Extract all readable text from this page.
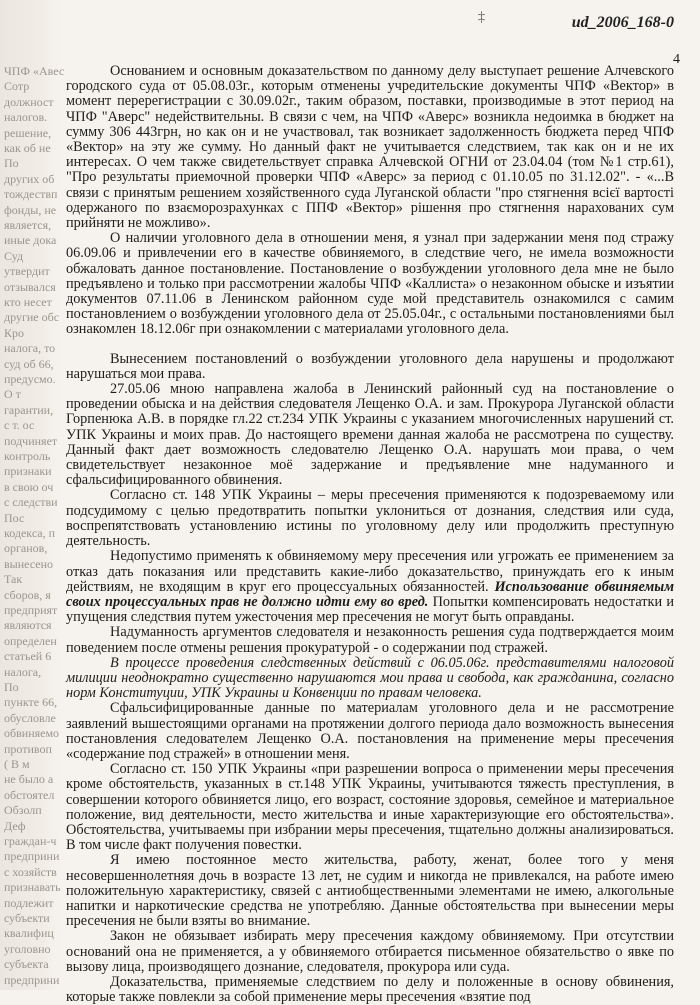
ЧПФ «Авес
Сотр
должност
налогов.
решение,
как об не
По
других об
тождествп
фонды, не
является,
иные дока
Суд
утвердит
отзывался
кто несет
другие обс
Кро
налога, то
суд об 66,
предусмо.
О т
гарантии,
с т. ос
подчиняет
контроль
признаки
в свою оч
с следстви
Пос
кодекса, п
органов,
вынесено
Так
сборов, я
предприят
являются
определен
статьей 6
налога,
По
пункте 66,
обусловле
обвиняемо
противоп
( В м
не было а
обстоятел
Обзолп
Деф
граждан-ч
предприни
с хозяйств
признавать
подлежит
субъекти
квалифиц
уголовно
субъекта
предприни
‡	ud_2006_168-0
4

Основанием и основным доказательством по данному делу выступает решение Алчевского городского суда от 05.08.03г., которым отменены учредительские документы ЧПФ «Вектор» в момент перерегистрации с 30.09.02г., таким образом, поставки, производимые в этот период на ЧПФ "Аверс" недействительны. В связи с чем, на ЧПФ «Аверс» возникла недоимка в бюджет на сумму 306 443грн, но как он и не участвовал, так возникает задолженность бюджета перед ЧПФ «Вектор» на эту же сумму. Но данный факт не учитывается следствием, так как он и не их интересах. О чем также свидетельствует справка Алчевской ОГНИ от 23.04.04 (том №1 стр.61), "Про результаты приемочной проверки ЧПФ «Аверс» за период с 01.10.05 по 31.12.02". - «...В связи с принятым решением хозяйственного суда Луганской области "про стягнення всієї вартості одержаного по взаєморозрахунках с ППФ «Вектор» рішення про стягнення нарахованих сум прийняти не можливо».

О наличии уголовного дела в отношении меня, я узнал при задержании меня под стражу 06.09.06 и привлечении его в качестве обвиняемого, в следствие чего, не имела возможности обжаловать данное постановление. Постановление о возбуждении уголовного дела мне не было предъявлено и только при рассмотрении жалобы ЧПФ «Каллиста» о незаконном обыске и изъятии документов 07.11.06 в Ленинском районном суде мой представитель ознакомился с самим постановлением о возбуждении уголовного дела от 25.05.04г., с остальными постановлениями был ознакомлен 18.12.06г при ознакомлении с материалами уголовного дела.

Вынесением постановлений о возбуждении уголовного дела нарушены и продолжают нарушаться мои права.

27.05.06 мною направлена жалоба в Ленинский районный суд на постановление о проведении обыска и на действия следователя Лещенко О.А. и зам. Прокурора Луганской области Горпенюка А.В. в порядке гл.22 ст.234 УПК Украины с указанием многочисленных нарушений ст. УПК Украины и моих прав. До настоящего времени данная жалоба не рассмотрена по существу. Данный факт дает возможность следователю Лещенко О.А. нарушать мои права, о чем свидетельствует незаконное моё задержание и предъявление мне надуманного и сфальсифицированного обвинения.

Согласно ст. 148 УПК Украины – меры пресечения применяются к подозреваемому или подсудимому с целью предотвратить попытки уклониться от дознания, следствия или суда, воспрепятствовать установлению истины по уголовному делу или продолжить преступную деятельность.

Недопустимо применять к обвиняемому меру пресечения или угрожать ее применением за отказ дать показания или представить какие-либо доказательство, принуждать его к иным действиям, не входящим в круг его процессуальных обязанностей. Использование обвиняемым своих процессуальных прав не должно идти ему во вред. Попытки компенсировать недостатки и упущения следствия путем ужесточения мер пресечения не могут быть оправданы.

Надуманность аргументов следователя и незаконность решения суда подтверждается моим поведением после отмены решения прокуратурой - о содержании под стражей.

В процессе проведения следственных действий с 06.05.06г. представителями налоговой милиции неоднократно существенно нарушаются мои права и свобода, как гражданина, согласно норм Конституции, УПК Украины и Конвенции по правам человека.

Сфальсифицированные данные по материалам уголовного дела и не рассмотрение заявлений вышестоящими органами на протяжении долгого периода дало возможность вынесения постановления следователем Лещенко О.А. постановления на применение меры пресечения «содержание под стражей» в отношении меня.

Согласно ст. 150 УПК Украины «при разрешении вопроса о применении меры пресечения кроме обстоятельств, указанных в ст.148 УПК Украины, учитываются тяжесть преступления, в совершении которого обвиняется лицо, его возраст, состояние здоровья, семейное и материальное положение, вид деятельности, место жительства и иные характеризующие его обстоятельства». Обстоятельства, учитываемы при избрании меры пресечения, тщательно должны анализироваться. В том числе факт получения повестки.

Я имею постоянное место жительства, работу, женат, более того у меня несовершеннолетняя дочь в возрасте 13 лет, не судим и никогда не привлекался, на работе имею положительную характеристику, связей с антиобщественными элементами не имею, алкогольные напитки и наркотические средства не употребляю. Данные обстоятельства при вынесении меры пресечения не были взяты во внимание.

Закон не обязывает избирать меру пресечения каждому обвиняемому. При отсутствии оснований она не применяется, а у обвиняемого отбирается письменное обязательство о явке по вызову лица, производящего дознание, следователя, прокурора или суда.

Доказательства, применяемые следствием по делу и положенные в основу обвинения, которые также повлекли за собой применение меры пресечения «взятие под
